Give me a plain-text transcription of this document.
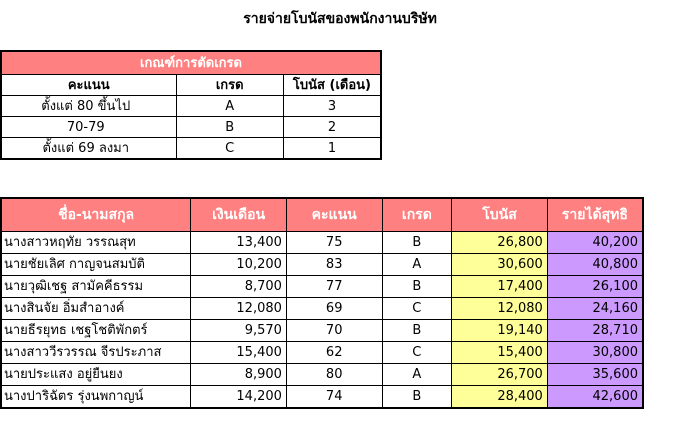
รายจ่ายโบนัสของพนักงานบริษัท
เกณฑ์การตัดเกรด		
คะแนน	เกรด	โบนัส (เดือน)
ตั้งแต่ 80 ขึ้นไป	A	3
70-79	B	2
ตั้งแต่ 69 ลงมา	C	1
ชื่อ-นามสกุล	เงินเดือน	คะแนน	เกรด	โบนัส	รายได้สุทธิ
นางสาวหฤทัย วรรณสุท	13,400	75	B	26,800	40,200
นายชัยเลิศ กาญจนสมบัติ	10,200	83	A	30,600	40,800
นายวุฒิเชฐ สามัคคีธรรม	8,700	77	B	17,400	26,100
นางสินจัย อิ่มสำอางค์	12,080	69	C	12,080	24,160
นายธีรยุทธ เชฐโชติพักตร์	9,570	70	B	19,140	28,710
นางสาววีรวรรณ จีรประภาส	15,400	62	C	15,400	30,800
นายประแสง อยู่ยืนยง	8,900	80	A	26,700	35,600
นางปาริฉัตร รุ่งนพกาญน์	14,200	74	B	28,400	42,600
